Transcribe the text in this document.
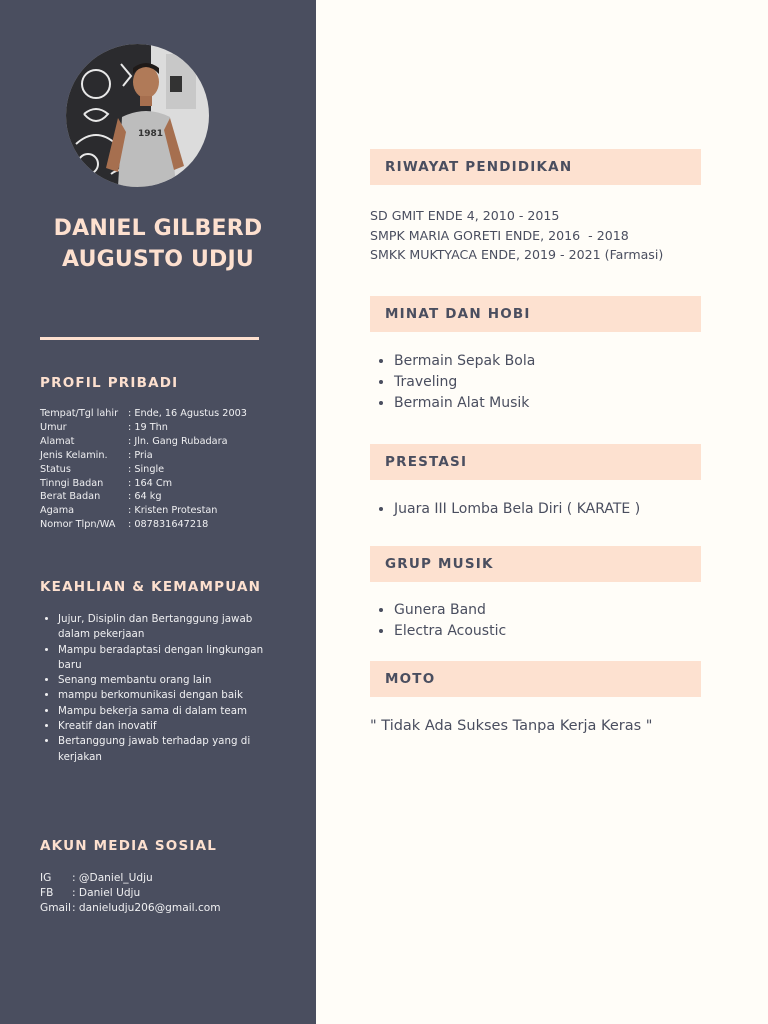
1981
DANIEL GILBERD AUGUSTO UDJU
PROFIL PRIBADI
Tempat/Tgl lahir	: Ende, 16 Agustus 2003
Umur	: 19 Thn
Alamat	: Jln. Gang Rubadara
Jenis Kelamin.	: Pria
Status	: Single
Tinngi Badan	: 164 Cm
Berat Badan	: 64 kg
Agama	: Kristen Protestan
Nomor Tlpn/WA	: 087831647218
KEAHLIAN & KEMAMPUAN
• Jujur, Disiplin dan Bertanggung jawab dalam pekerjaan
• Mampu beradaptasi dengan lingkungan baru
• Senang membantu orang lain
• mampu berkomunikasi dengan baik
• Mampu bekerja sama di dalam team
• Kreatif dan inovatif
• Bertanggung jawab terhadap yang di kerjakan
AKUN MEDIA SOSIAL
IG	: @Daniel_Udju
FB	: Daniel Udju
Gmail : danieludju206@gmail.com
RIWAYAT PENDIDIKAN
SD GMIT ENDE 4, 2010 - 2015
SMPK MARIA GORETI ENDE, 2016  - 2018
SMKK MUKTYACA ENDE, 2019 - 2021 (Farmasi)
MINAT DAN HOBI
• Bermain Sepak Bola
• Traveling
• Bermain Alat Musik
PRESTASI
• Juara III Lomba Bela Diri ( KARATE )
GRUP MUSIK
• Gunera Band
• Electra Acoustic
MOTO
" Tidak Ada Sukses Tanpa Kerja Keras "
